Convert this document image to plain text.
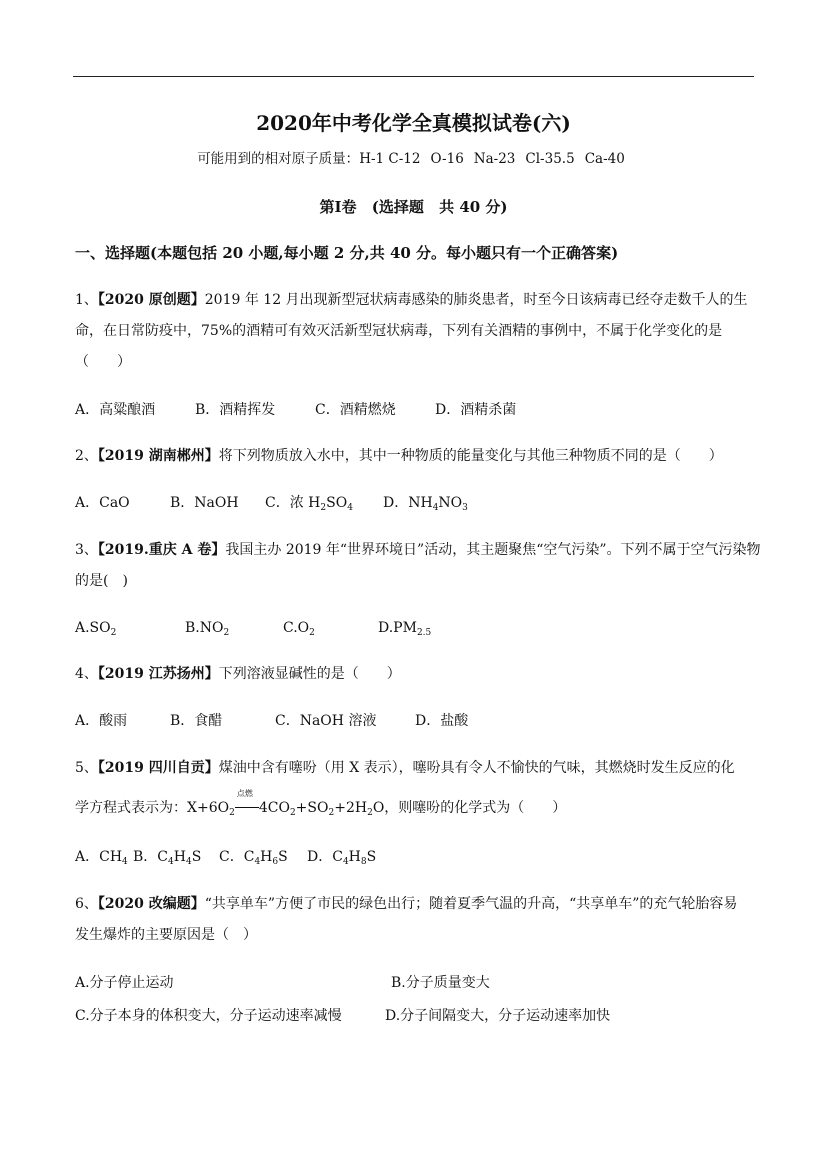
2020年中考化学全真模拟试卷(六)
可能用到的相对原子质量：H-1 C-12 O-16 Na-23 Cl-35.5 Ca-40
第Ⅰ卷 (选择题 共 40 分)
一、选择题(本题包括 20 小题,每小题 2 分,共 40 分。每小题只有一个正确答案)
1、【2020 原创题】2019 年 12 月出现新型冠状病毒感染的肺炎患者，时至今日该病毒已经夺走数千人的生
命，在日常防疫中，75%的酒精可有效灭活新型冠状病毒，下列有关酒精的事例中，不属于化学变化的是
（　　）
A．高粱酿酒	B．酒精挥发	C．酒精燃烧	D．酒精杀菌
2、【2019 湖南郴州】将下列物质放入水中，其中一种物质的能量变化与其他三种物质不同的是（　　）
A．CaO	B．NaOH C．浓 $H_2SO_4$ D．$NH_4NO_3$
3、【2019.重庆 A 卷】我国主办 2019 年“世界环境日”活动，其主题聚焦“空气污染”。下列不属于空气污染物
的是(　)
$A.SO_2$	$B.NO_2$	$C.O_2$	$D.PM_{2.5}$
4、【2019 江苏扬州】下列溶液显碱性的是（　　）
A．酸雨	B．食醋	C．NaOH 溶液	D．盐酸
5、【2019 四川自贡】煤油中含有噻吩（用 X 表示），噻吩具有令人不愉快的气味，其燃烧时发生反应的化
学方程式表示为：$X+6O_2$
点燃
$4CO_2+SO_2+2H_2O$，则噻吩的化学式为（　　）
A．$CH_4$ B．$C_4H_4S$ C．$C_4H_6S$ D．$C_4H_8S$
6、【2020 改编题】“共享单车”方便了市民的绿色出行；随着夏季气温的升高，“共享单车”的充气轮胎容易
发生爆炸的主要原因是（　）
A.分子停止运动	B.分子质量变大
C.分子本身的体积变大，分子运动速率减慢	D.分子间隔变大，分子运动速率加快
